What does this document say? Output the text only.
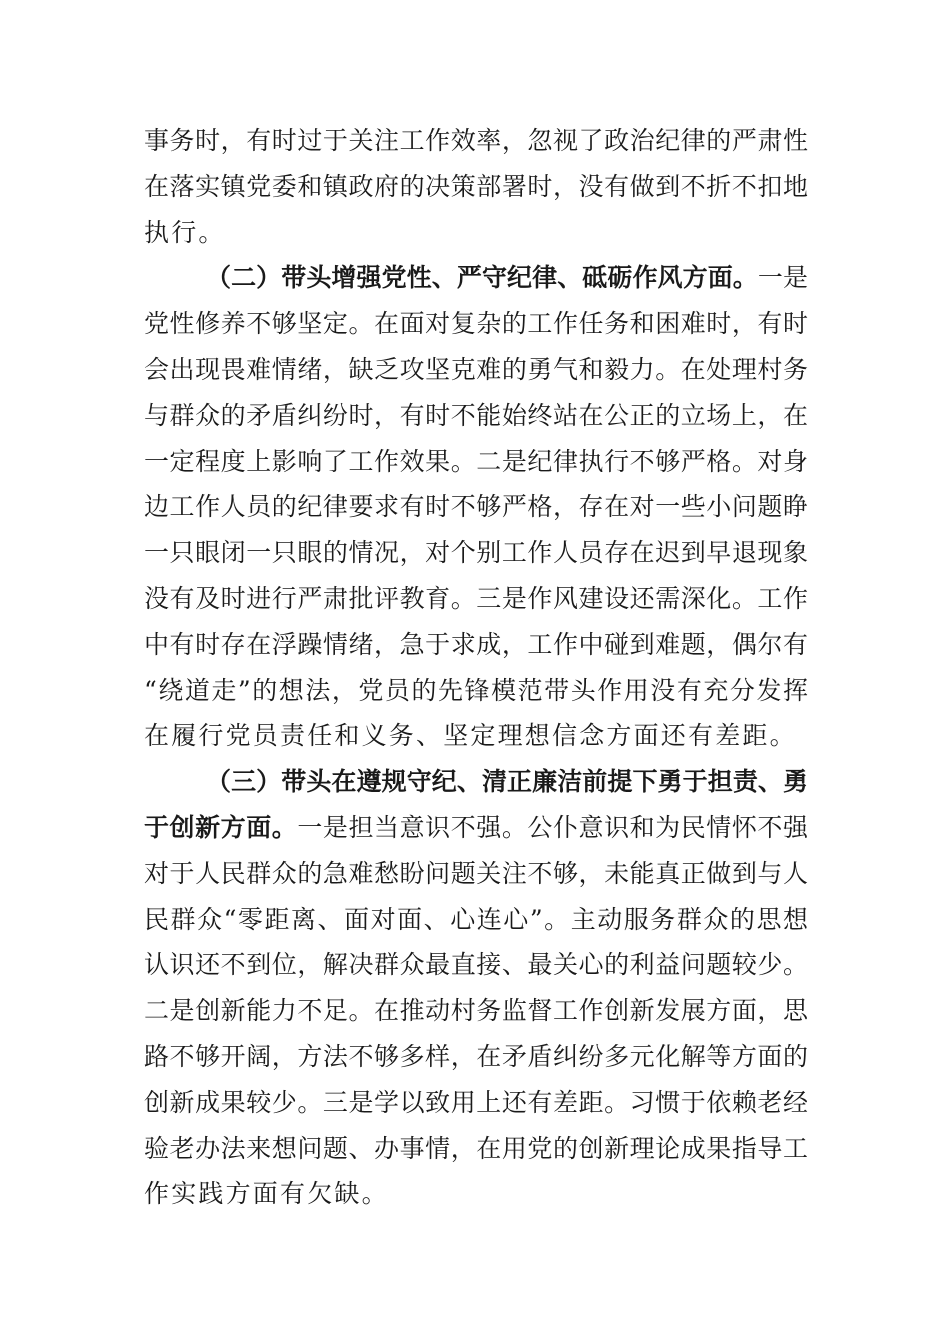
事务时，有时过于关注工作效率，忽视了政治纪律的严肃性
在落实镇党委和镇政府的决策部署时，没有做到不折不扣地
执行。
（二）带头增强党性、严守纪律、砥砺作风方面。一是
党性修养不够坚定。在面对复杂的工作任务和困难时，有时
会出现畏难情绪，缺乏攻坚克难的勇气和毅力。在处理村务
与群众的矛盾纠纷时，有时不能始终站在公正的立场上，在
一定程度上影响了工作效果。二是纪律执行不够严格。对身
边工作人员的纪律要求有时不够严格，存在对一些小问题睁
一只眼闭一只眼的情况，对个别工作人员存在迟到早退现象
没有及时进行严肃批评教育。三是作风建设还需深化。工作
中有时存在浮躁情绪，急于求成，工作中碰到难题，偶尔有
“绕道走”的想法，党员的先锋模范带头作用没有充分发挥
在履行党员责任和义务、坚定理想信念方面还有差距。
（三）带头在遵规守纪、清正廉洁前提下勇于担责、勇
于创新方面。一是担当意识不强。公仆意识和为民情怀不强
对于人民群众的急难愁盼问题关注不够，未能真正做到与人
民群众“零距离、面对面、心连心”。主动服务群众的思想
认识还不到位，解决群众最直接、最关心的利益问题较少。
二是创新能力不足。在推动村务监督工作创新发展方面，思
路不够开阔，方法不够多样，在矛盾纠纷多元化解等方面的
创新成果较少。三是学以致用上还有差距。习惯于依赖老经
验老办法来想问题、办事情，在用党的创新理论成果指导工
作实践方面有欠缺。
